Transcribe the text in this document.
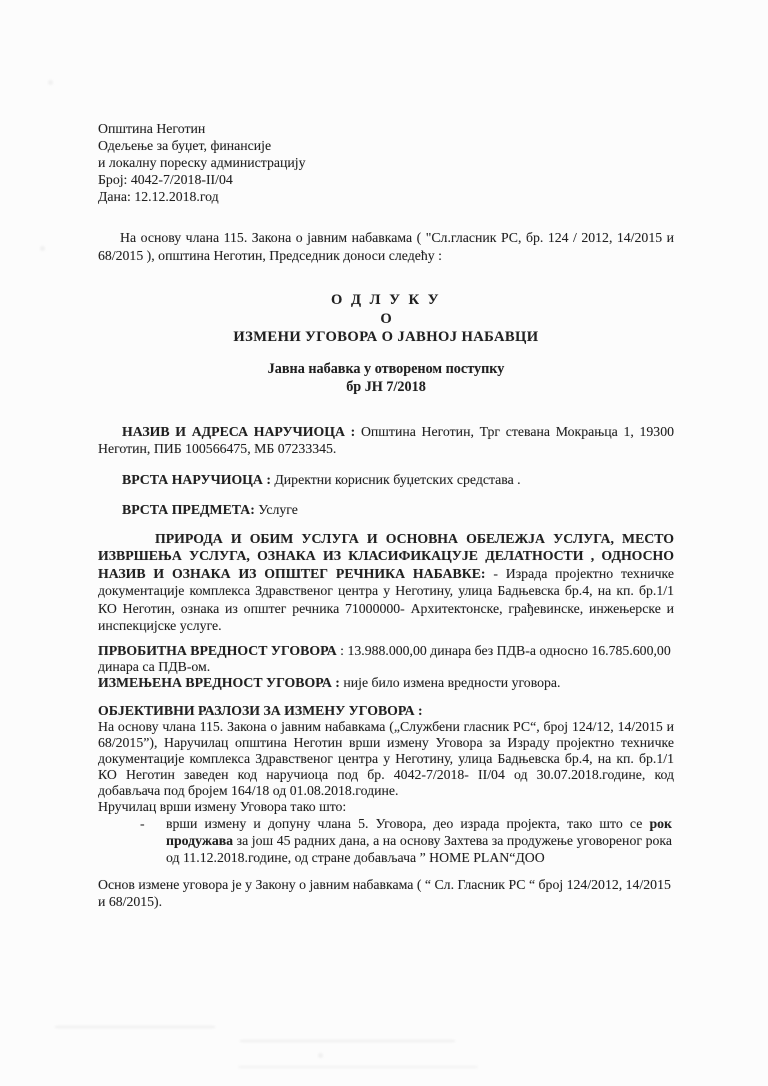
Општина Неготин
Одељење за буџет, финансије
и локалну пореску администрацију
Број: 4042-7/2018-II/04
Дана: 12.12.2018.год

На основу члана 115. Закона о јавним набавкама ( "Сл.гласник РС, бр. 124 / 2012, 14/2015 и 68/2015 ), општина Неготин, Председник доноси следећу :

О Д Л У К У
О
ИЗМЕНИ УГОВОРА О ЈАВНОЈ НАБАВЦИ
Јавна набавка у отвореном поступку
бр ЈН 7/2018

НАЗИВ И АДРЕСА НАРУЧИОЦА : Општина Неготин, Трг стевана Мокрањца 1, 19300 Неготин, ПИБ 100566475, МБ 07233345.

ВРСТА НАРУЧИОЦА : Директни корисник буџетских средстава .

ВРСТА ПРЕДМЕТА: Услуге

ПРИРОДА И ОБИМ УСЛУГА И ОСНОВНА ОБЕЛЕЖЈА УСЛУГА, МЕСТО ИЗВРШЕЊА УСЛУГА, ОЗНАКА ИЗ КЛАСИФИКАЦУЈЕ ДЕЛАТНОСТИ , ОДНОСНО НАЗИВ И ОЗНАКА ИЗ ОПШТЕГ РЕЧНИКА НАБАВКЕ: - Израда пројектно техничке документације комплекса Здравственог центра у Неготину, улица Бадњевска бр.4, на кп. бр.1/1 КО Неготин, ознака из општег речника 71000000- Архитектонске, грађевинске, инжењерске и инспекцијске услуге.

ПРВОБИТНА ВРЕДНОСТ УГОВОРА : 13.988.000,00 динара без ПДВ-а односно 16.785.600,00 динара са ПДВ-ом.
ИЗМЕЊЕНА ВРЕДНОСТ УГОВОРА : није било измена вредности уговора.

ОБЈЕКТИВНИ РАЗЛОЗИ ЗА ИЗМЕНУ УГОВОРА :
На основу члана 115. Закона о јавним набавкама („Службени гласник РС“, број 124/12, 14/2015 и 68/2015”), Наручилац општина Неготин врши измену Уговора за Израду пројектно техничке документације комплекса Здравственог центра у Неготину, улица Бадњевска бр.4, на кп. бр.1/1 КО Неготин заведен код наручиоца под бр. 4042-7/2018- II/04 од 30.07.2018.године, код добављача под бројем 164/18 од 01.08.2018.године.
Нручилац врши измену Уговора тако што:
-	врши измену и допуну члана 5. Уговора, део израда пројекта, тако што се рок продужава за још 45 радних дана, а на основу Захтева за продужење уговореног рока од 11.12.2018.године, од стране добављача ” HOME PLAN“ДОО

Основ измене уговора је у Закону о јавним набавкама ( “ Сл. Гласник РС “ број 124/2012, 14/2015 и 68/2015).
